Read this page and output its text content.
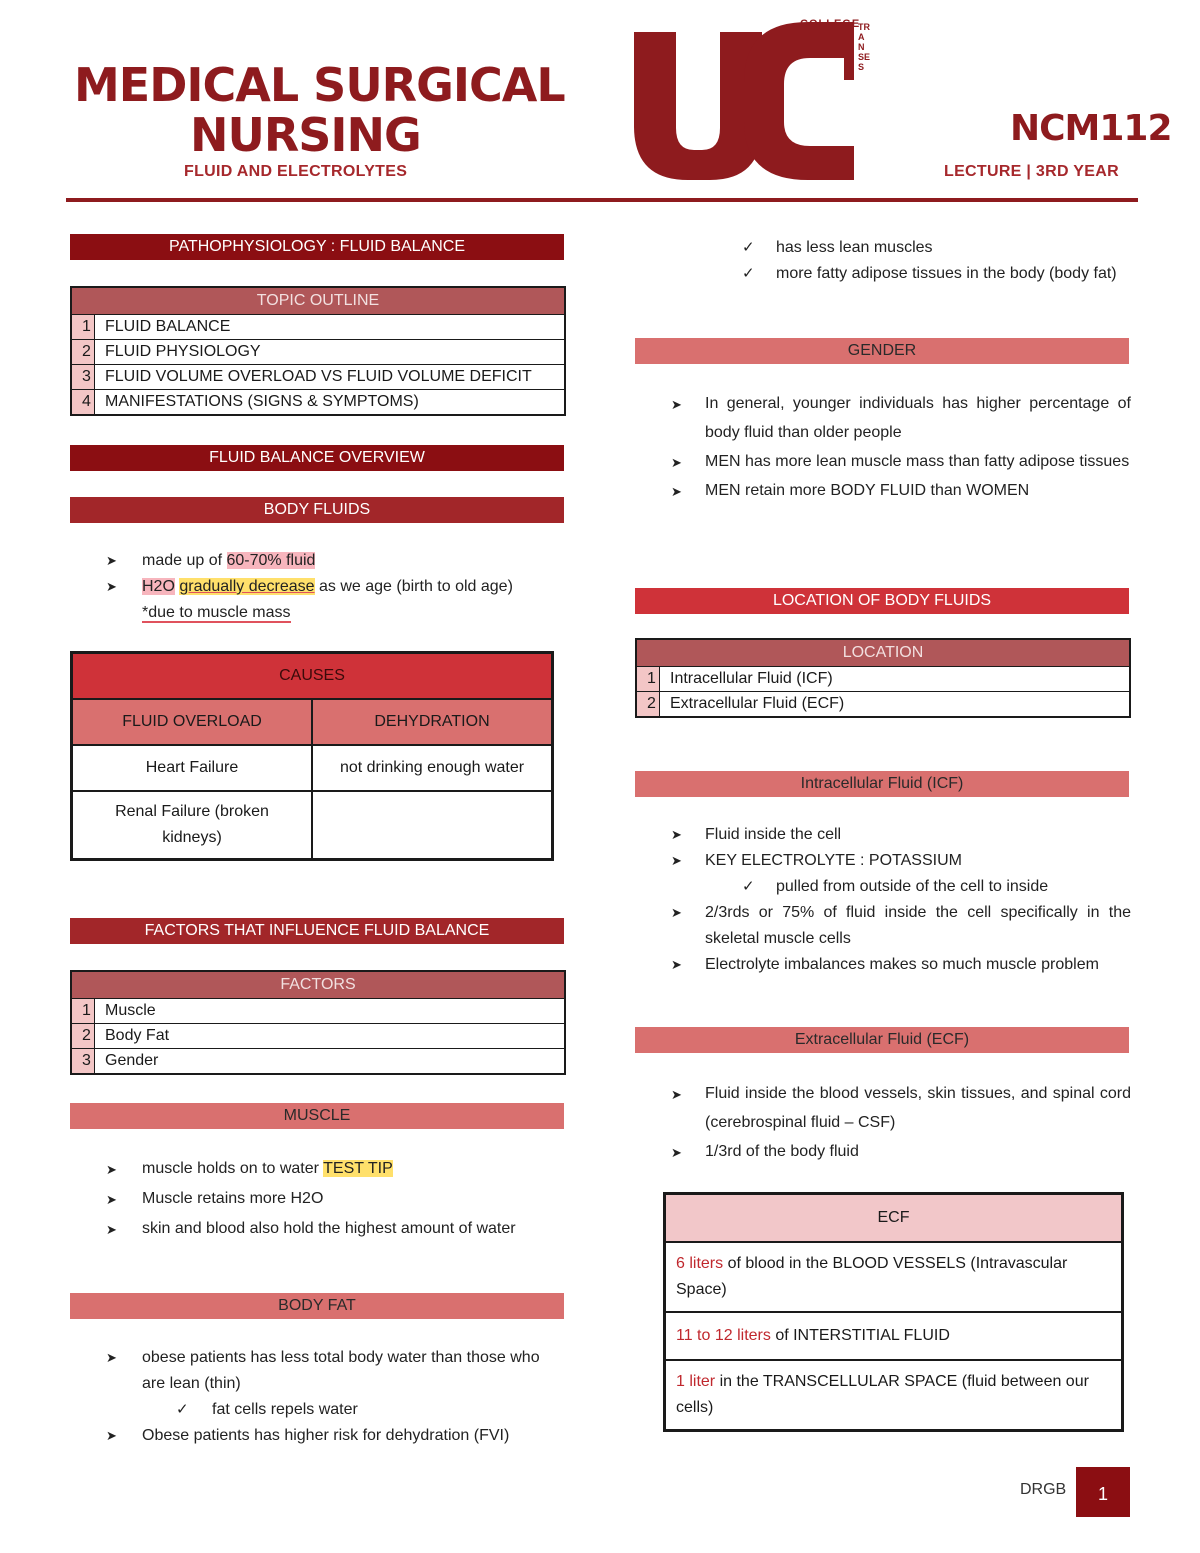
MEDICAL SURGICAL
NURSING
FLUID AND ELECTROLYTES
COLLEGE
TRANSES
NCM112
LECTURE | 3RD YEAR
PATHOPHYSIOLOGY : FLUID BALANCE
TOPIC OUTLINE	
1	FLUID BALANCE
2	FLUID PHYSIOLOGY
3	FLUID VOLUME OVERLOAD VS FLUID VOLUME DEFICIT
4	MANIFESTATIONS (SIGNS & SYMPTOMS)
FLUID BALANCE OVERVIEW
BODY FLUIDS
➤ made up of 60-70% fluid
➤ H2O gradually decrease as we age (birth to old age)
*due to muscle mass
CAUSES	
FLUID OVERLOAD	DEHYDRATION
Heart Failure	not drinking enough water
Renal Failure (broken kidneys)	
FACTORS THAT INFLUENCE FLUID BALANCE
FACTORS	
1	Muscle
2	Body Fat
3	Gender
MUSCLE
➤ muscle holds on to water TEST TIP
➤ Muscle retains more H2O
➤ skin and blood also hold the highest amount of water
BODY FAT
➤ obese patients has less total body water than those who are lean (thin)
✓ fat cells repels water
➤ Obese patients has higher risk for dehydration (FVI)
✓ has less lean muscles
✓ more fatty adipose tissues in the body (body fat)
GENDER
➤ In general, younger individuals has higher percentage of body fluid than older people
➤ MEN has more lean muscle mass than fatty adipose tissues
➤ MEN retain more BODY FLUID than WOMEN
LOCATION OF BODY FLUIDS
LOCATION	
1	Intracellular Fluid (ICF)
2	Extracellular Fluid (ECF)
Intracellular Fluid (ICF)
➤ Fluid inside the cell
➤ KEY ELECTROLYTE : POTASSIUM
✓ pulled from outside of the cell to inside
➤ 2/3rds or 75% of fluid inside the cell specifically in the skeletal muscle cells
➤ Electrolyte imbalances makes so much muscle problem
Extracellular Fluid (ECF)
➤ Fluid inside the blood vessels, skin tissues, and spinal cord (cerebrospinal fluid – CSF)
➤ 1/3rd of the body fluid
ECF
6 liters of blood in the BLOOD VESSELS (Intravascular Space)
11 to 12 liters of INTERSTITIAL FLUID
1 liter in the TRANSCELLULAR SPACE (fluid between our cells)
DRGB	1
